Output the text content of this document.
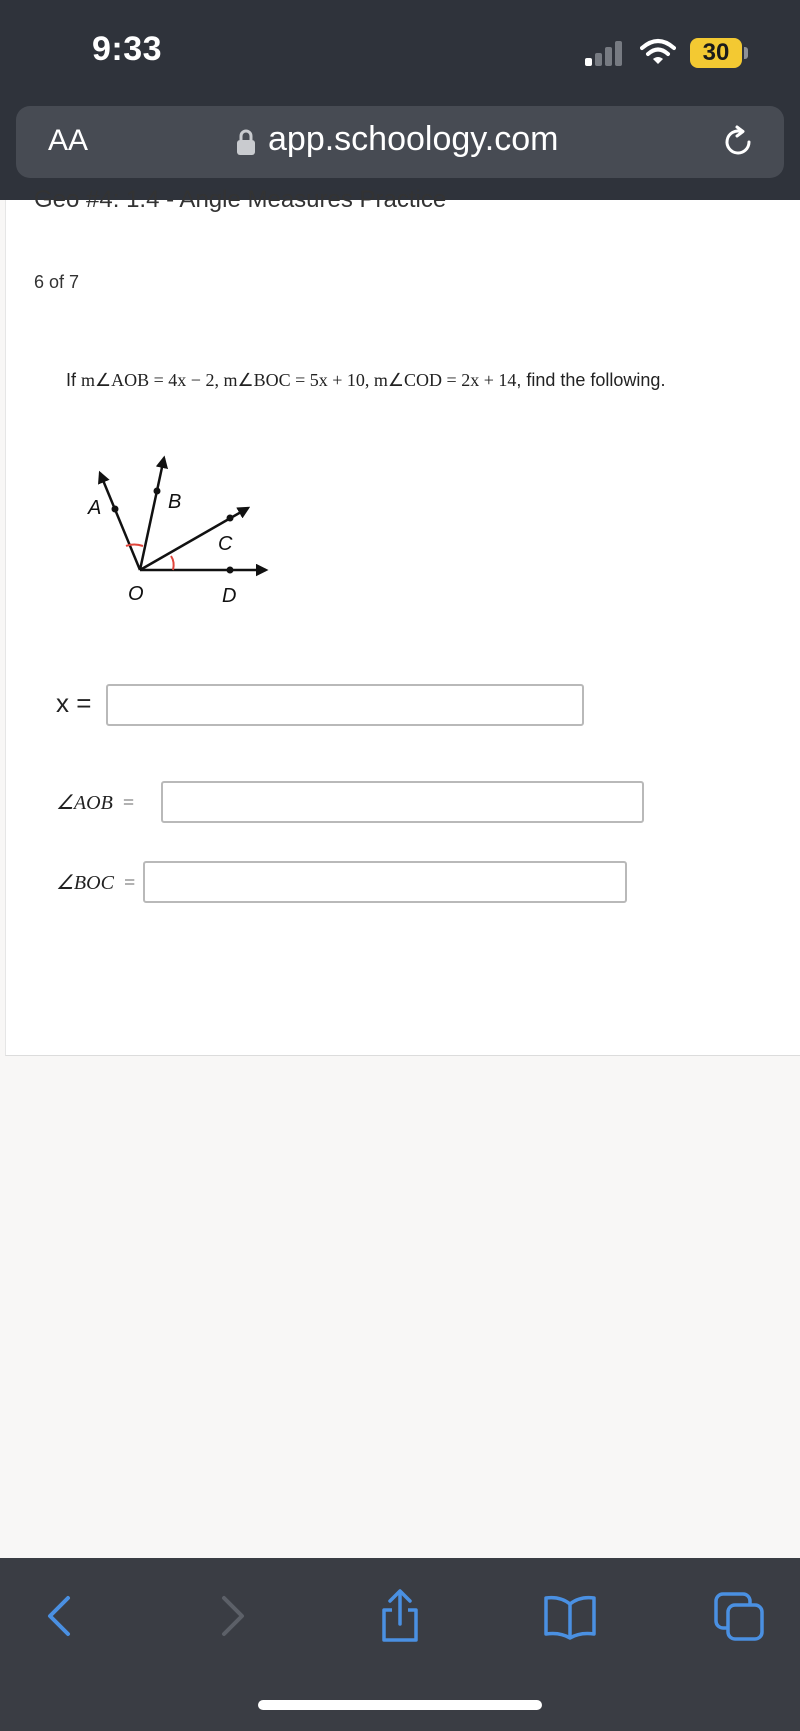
9:33	30
AA	app.schoology.com
Geo #4: 1.4 - Angle Measures Practice
6 of 7
If m∠AOB = 4x − 2, m∠BOC = 5x + 10, m∠COD = 2x + 14, find the following.
A	B
C
O	D
x =
∠AOB =
∠BOC =
